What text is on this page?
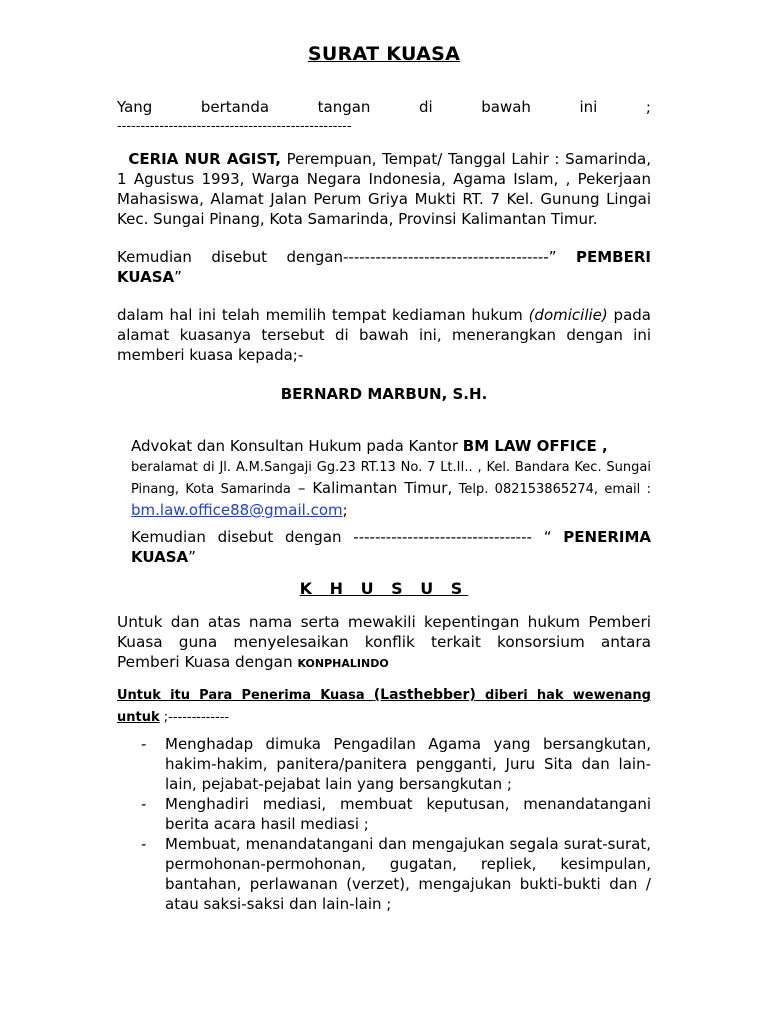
SURAT KUASA
Yang	bertanda	tangan	di	bawah	ini	;
--------------------------------------------------
CERIA NUR AGIST, Perempuan, Tempat/ Tanggal Lahir : Samarinda, 1 Agustus 1993, Warga Negara Indonesia, Agama Islam, , Pekerjaan Mahasiswa, Alamat Jalan Perum Griya Mukti RT. 7 Kel. Gunung Lingai Kec. Sungai Pinang, Kota Samarinda, Provinsi Kalimantan Timur.
Kemudian disebut dengan--------------------------------------” PEMBERI KUASA”
dalam hal ini telah memilih tempat kediaman hukum (domicilie) pada alamat kuasanya tersebut di bawah ini, menerangkan dengan ini memberi kuasa kepada;-
BERNARD MARBUN, S.H.
Advokat dan Konsultan Hukum pada Kantor BM LAW OFFICE ,
beralamat di Jl. A.M.Sangaji Gg.23 RT.13 No. 7 Lt.II.. , Kel. Bandara Kec. Sungai Pinang, Kota Samarinda – Kalimantan Timur, Telp. 082153865274, email : bm.law.office88@gmail.com;
Kemudian disebut dengan --------------------------------- “ PENERIMA KUASA”
K H U S U S
Untuk dan atas nama serta mewakili kepentingan hukum Pemberi Kuasa guna menyelesaikan konflik terkait konsorsium antara Pemberi Kuasa dengan KONPHALINDO
Untuk itu Para Penerima Kuasa (Lasthebber) diberi hak wewenang untuk ;-------------
- Menghadap dimuka Pengadilan Agama yang bersangkutan, hakim-hakim, panitera/panitera pengganti, Juru Sita dan lain-lain, pejabat-pejabat lain yang bersangkutan ;
- Menghadiri mediasi, membuat keputusan, menandatangani berita acara hasil mediasi ;
- Membuat, menandatangani dan mengajukan segala surat-surat, permohonan-permohonan, gugatan, repliek, kesimpulan, bantahan, perlawanan (verzet), mengajukan bukti-bukti dan / atau saksi-saksi dan lain-lain ;
